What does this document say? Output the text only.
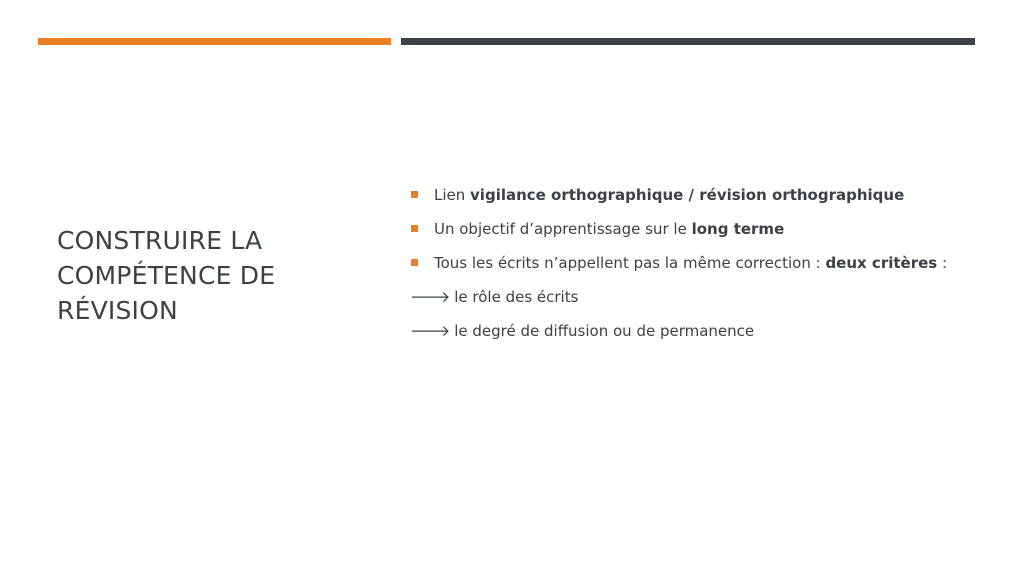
CONSTRUIRE LA
COMPÉTENCE DE
RÉVISION
Lien vigilance orthographique / révision orthographique
Un objectif d’apprentissage sur le long terme
Tous les écrits n’appellent pas la même correction : deux critères :
🡒 le rôle des écrits
🡒 le degré de diffusion ou de permanence
